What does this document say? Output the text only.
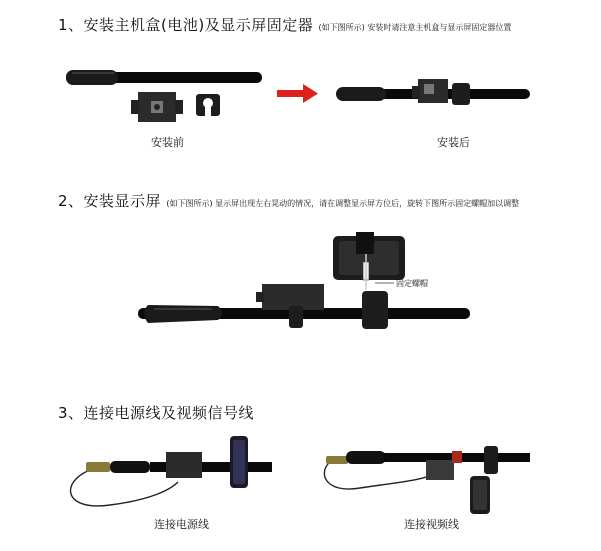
1、安装主机盒(电池)及显示屏固定器 (如下图所示) 安装时请注意主机盒与显示屏固定器位置
安装前	安装后
2、安装显示屏 (如下图所示) 显示屏出现左右晃动的情况，请在调整显示屏方位后，旋转下图所示固定螺帽加以调整
固定螺帽
3、连接电源线及视频信号线
连接电源线	连接视频线
